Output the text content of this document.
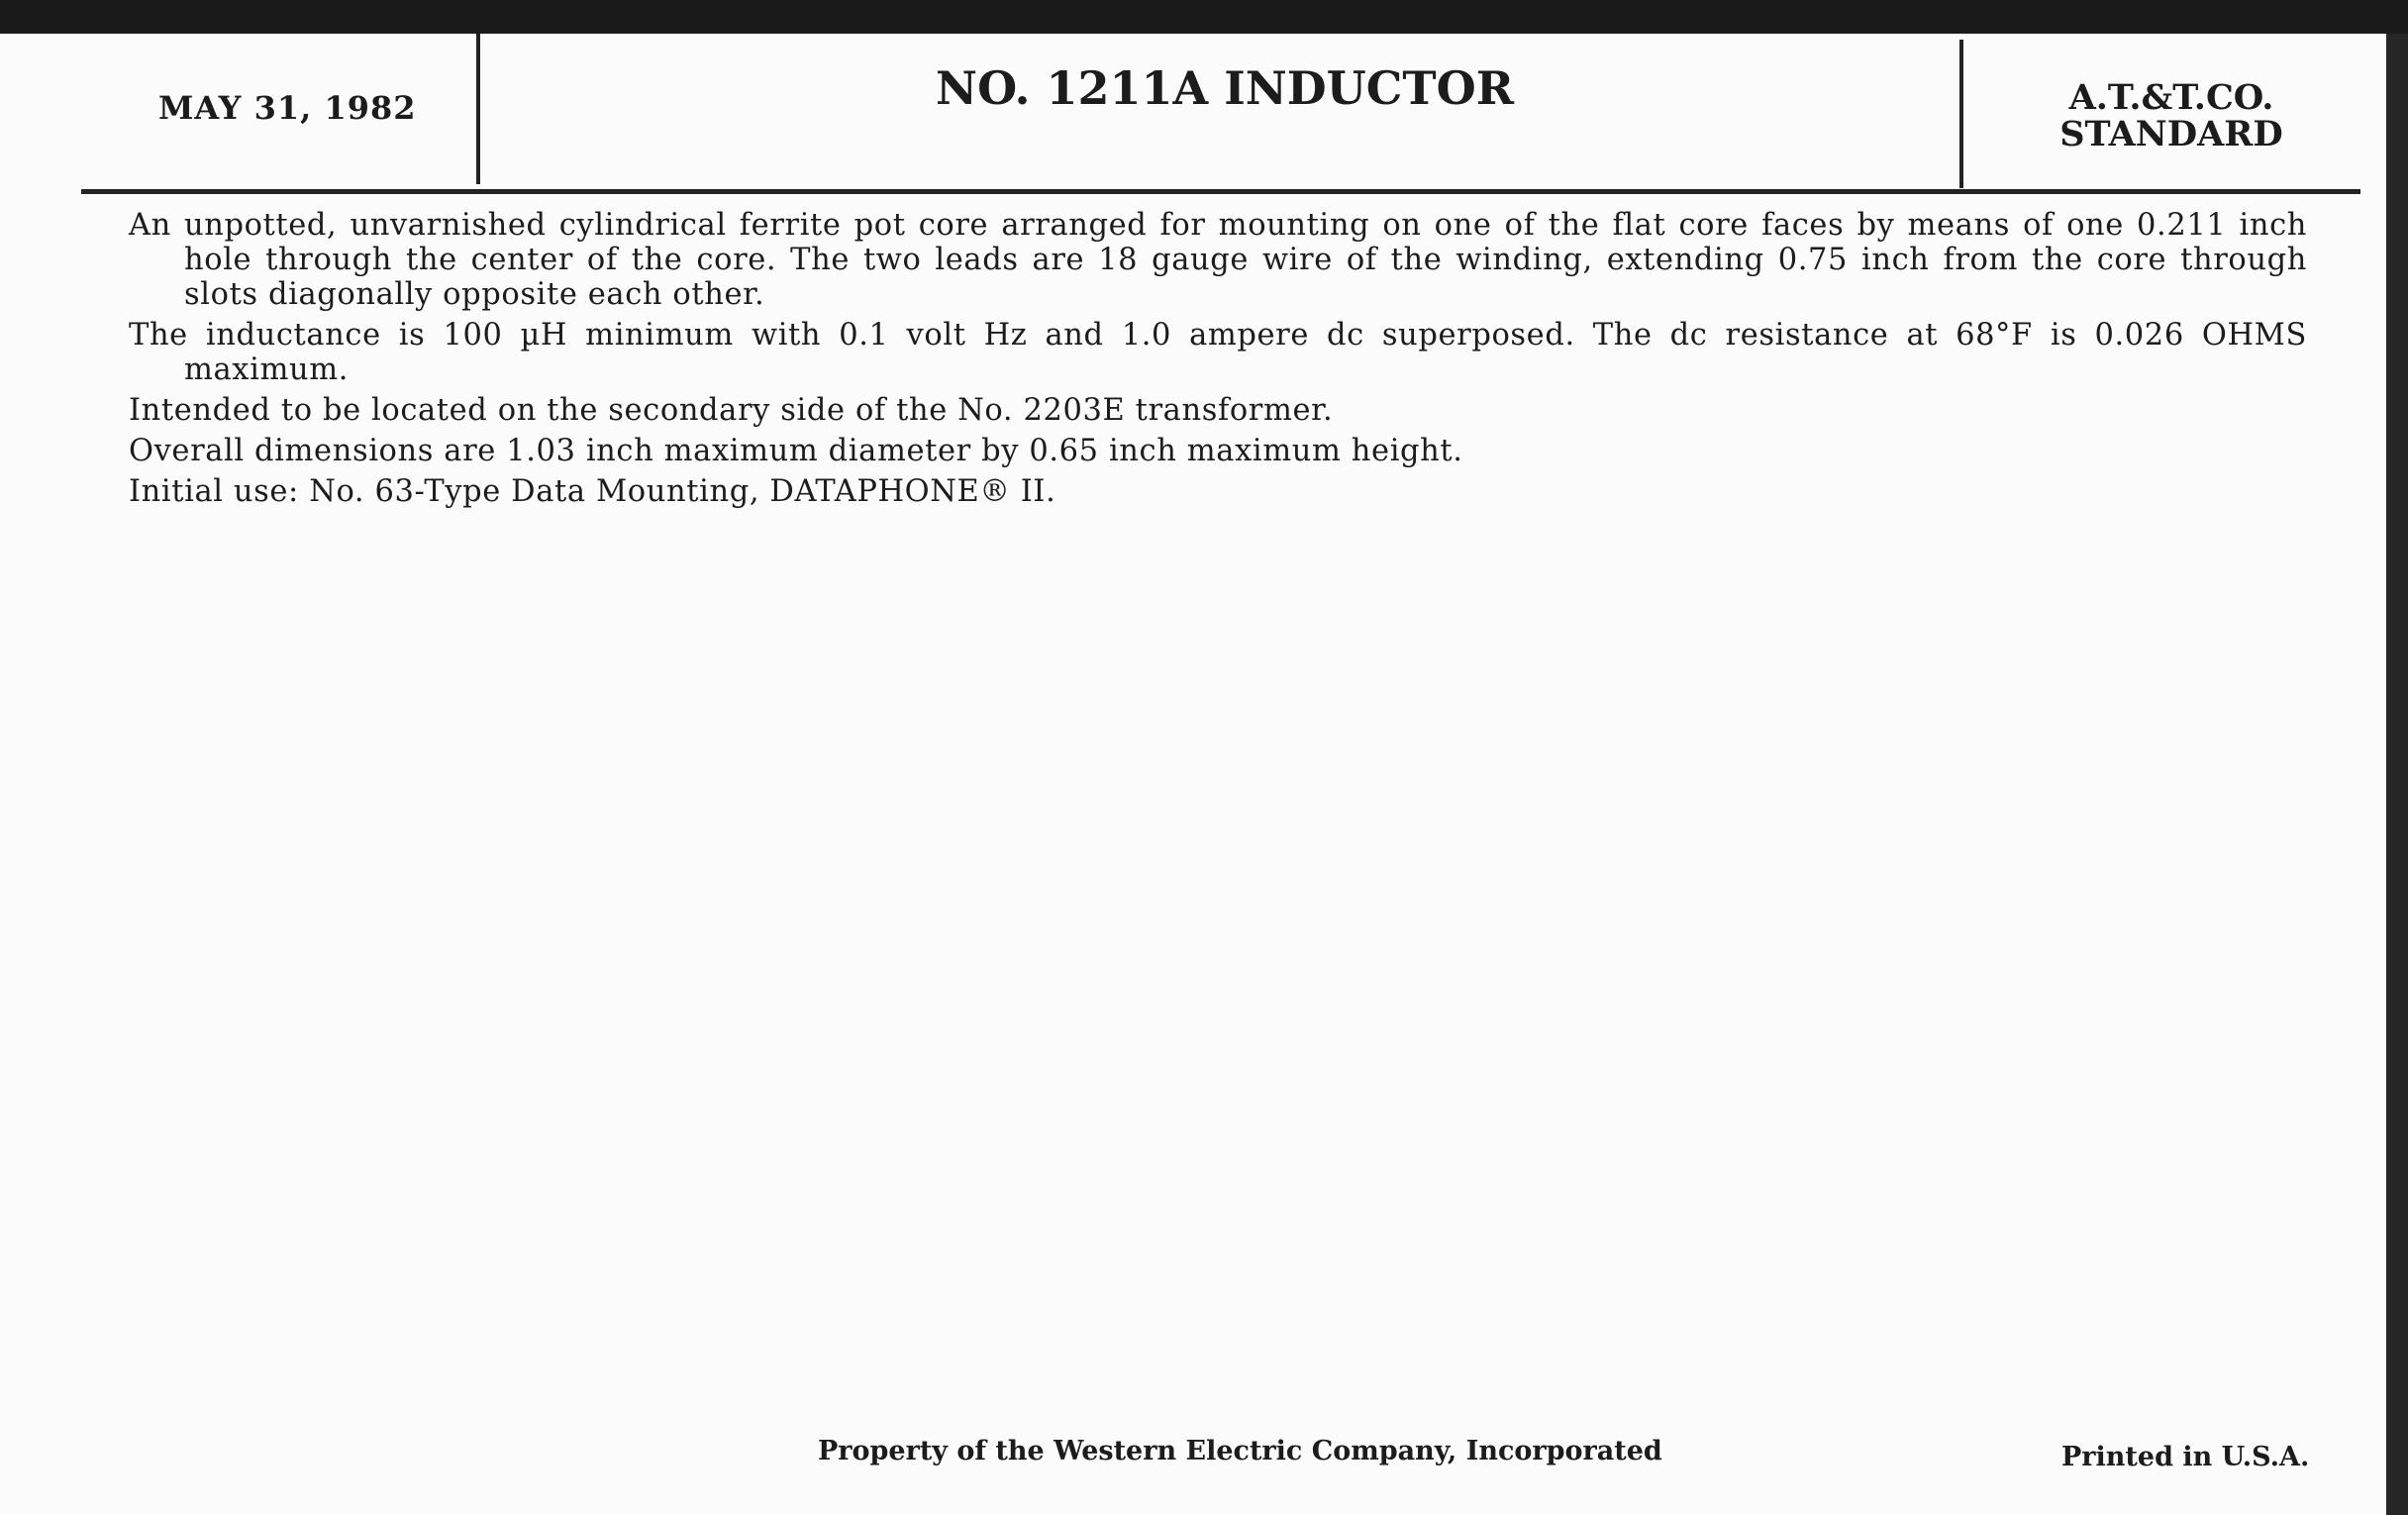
MAY 31, 1982	NO. 1211A INDUCTOR	A.T.&T.CO.
STANDARD

An unpotted, unvarnished cylindrical ferrite pot core arranged for mounting on one of the flat core faces by means of one 0.211 inch hole through the center of the core. The two leads are 18 gauge wire of the winding, extending 0.75 inch from the core through slots diagonally opposite each other.

The inductance is 100 µH minimum with 0.1 volt Hz and 1.0 ampere dc superposed. The dc resistance at 68°F is 0.026 OHMS maximum.

Intended to be located on the secondary side of the No. 2203E transformer.

Overall dimensions are 1.03 inch maximum diameter by 0.65 inch maximum height.

Initial use: No. 63-Type Data Mounting, DATAPHONE® II.

Property of the Western Electric Company, Incorporated	Printed in U.S.A.
